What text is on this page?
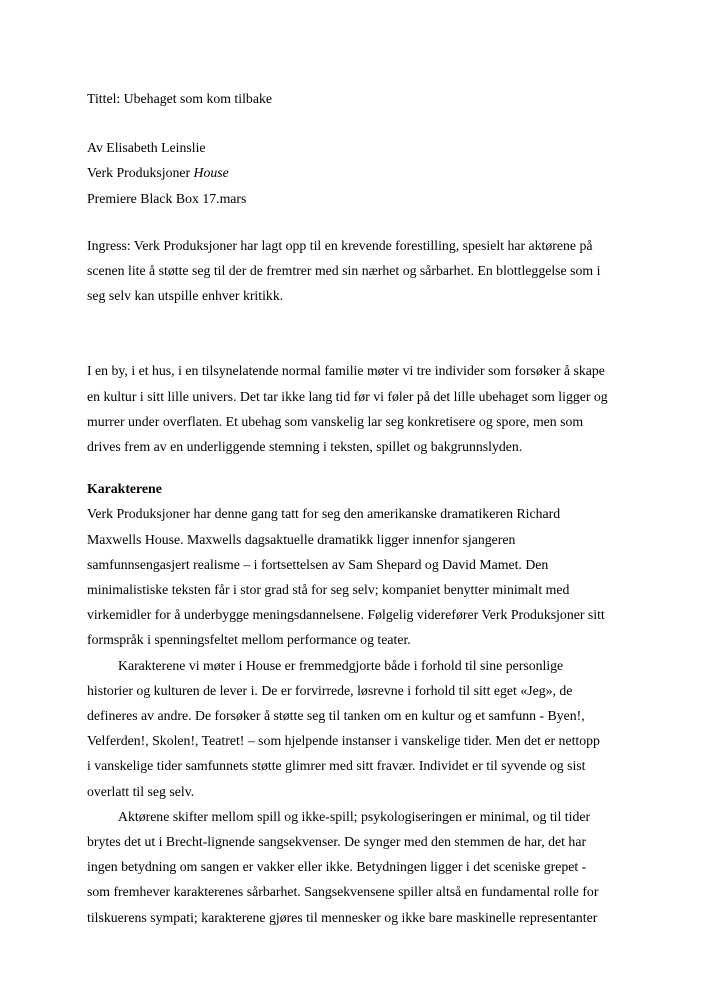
Tittel: Ubehaget som kom tilbake
Av Elisabeth Leinslie
Verk Produksjoner House
Premiere Black Box 17.mars
Ingress: Verk Produksjoner har lagt opp til en krevende forestilling, spesielt har aktørene på
scenen lite å støtte seg til der de fremtrer med sin nærhet og sårbarhet. En blottleggelse som i
seg selv kan utspille enhver kritikk.
I en by, i et hus, i en tilsynelatende normal familie møter vi tre individer som forsøker å skape
en kultur i sitt lille univers. Det tar ikke lang tid før vi føler på det lille ubehaget som ligger og
murrer under overflaten. Et ubehag som vanskelig lar seg konkretisere og spore, men som
drives frem av en underliggende stemning i teksten, spillet og bakgrunnslyden.
Karakterene
Verk Produksjoner har denne gang tatt for seg den amerikanske dramatikeren Richard
Maxwells House. Maxwells dagsaktuelle dramatikk ligger innenfor sjangeren
samfunnsengasjert realisme – i fortsettelsen av Sam Shepard og David Mamet. Den
minimalistiske teksten får i stor grad stå for seg selv; kompaniet benytter minimalt med
virkemidler for å underbygge meningsdannelsene. Følgelig viderefører Verk Produksjoner sitt
formspråk i spenningsfeltet mellom performance og teater.
Karakterene vi møter i House er fremmedgjorte både i forhold til sine personlige
historier og kulturen de lever i. De er forvirrede, løsrevne i forhold til sitt eget «Jeg», de
defineres av andre. De forsøker å støtte seg til tanken om en kultur og et samfunn - Byen!,
Velferden!, Skolen!, Teatret! – som hjelpende instanser i vanskelige tider. Men det er nettopp
i vanskelige tider samfunnets støtte glimrer med sitt fravær. Individet er til syvende og sist
overlatt til seg selv.
Aktørene skifter mellom spill og ikke-spill; psykologiseringen er minimal, og til tider
brytes det ut i Brecht-lignende sangsekvenser. De synger med den stemmen de har, det har
ingen betydning om sangen er vakker eller ikke. Betydningen ligger i det sceniske grepet -
som fremhever karakterenes sårbarhet. Sangsekvensene spiller altså en fundamental rolle for
tilskuerens sympati; karakterene gjøres til mennesker og ikke bare maskinelle representanter
